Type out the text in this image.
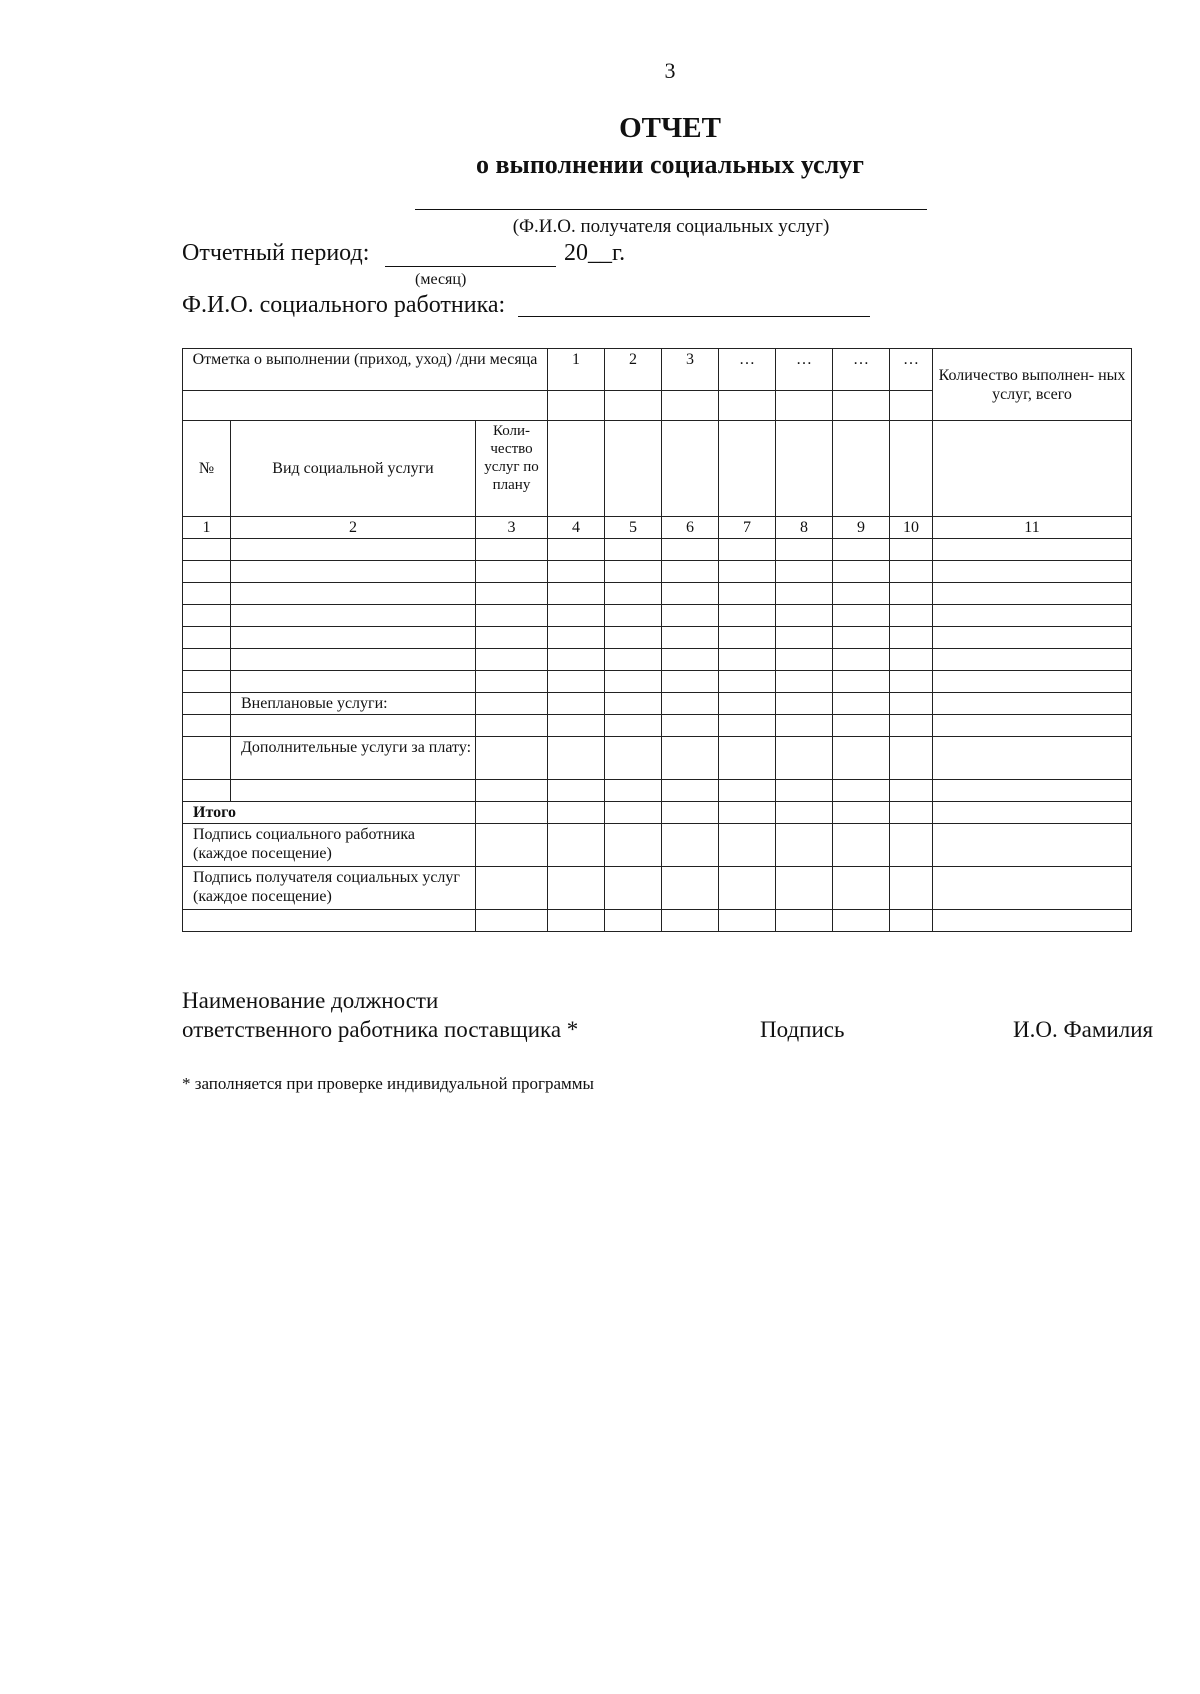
3
ОТЧЕТ
о выполнении социальных услуг
(Ф.И.О. получателя социальных услуг)
Отчетный период:	20__г.
(месяц)
Ф.И.О. социального работника:
Отметка о выполнении (приход, уход) /дни месяца			1	2	3	…	…	…	…	Количество выполнен- ных услуг, всего

№	Вид социальной услуги	Коли- чество услуг по плану								
1	2	3	4	5	6	7	8	9	10	11

	Внеплановые услуги:									

	Дополнительные услуги за плату:									

Итого										
Подпись социального работника (каждое посещение)										
Подпись получателя социальных услуг (каждое посещение)										

Наименование должности
ответственного работника поставщика *	Подпись	И.О. Фамилия
* заполняется при проверке индивидуальной программы
